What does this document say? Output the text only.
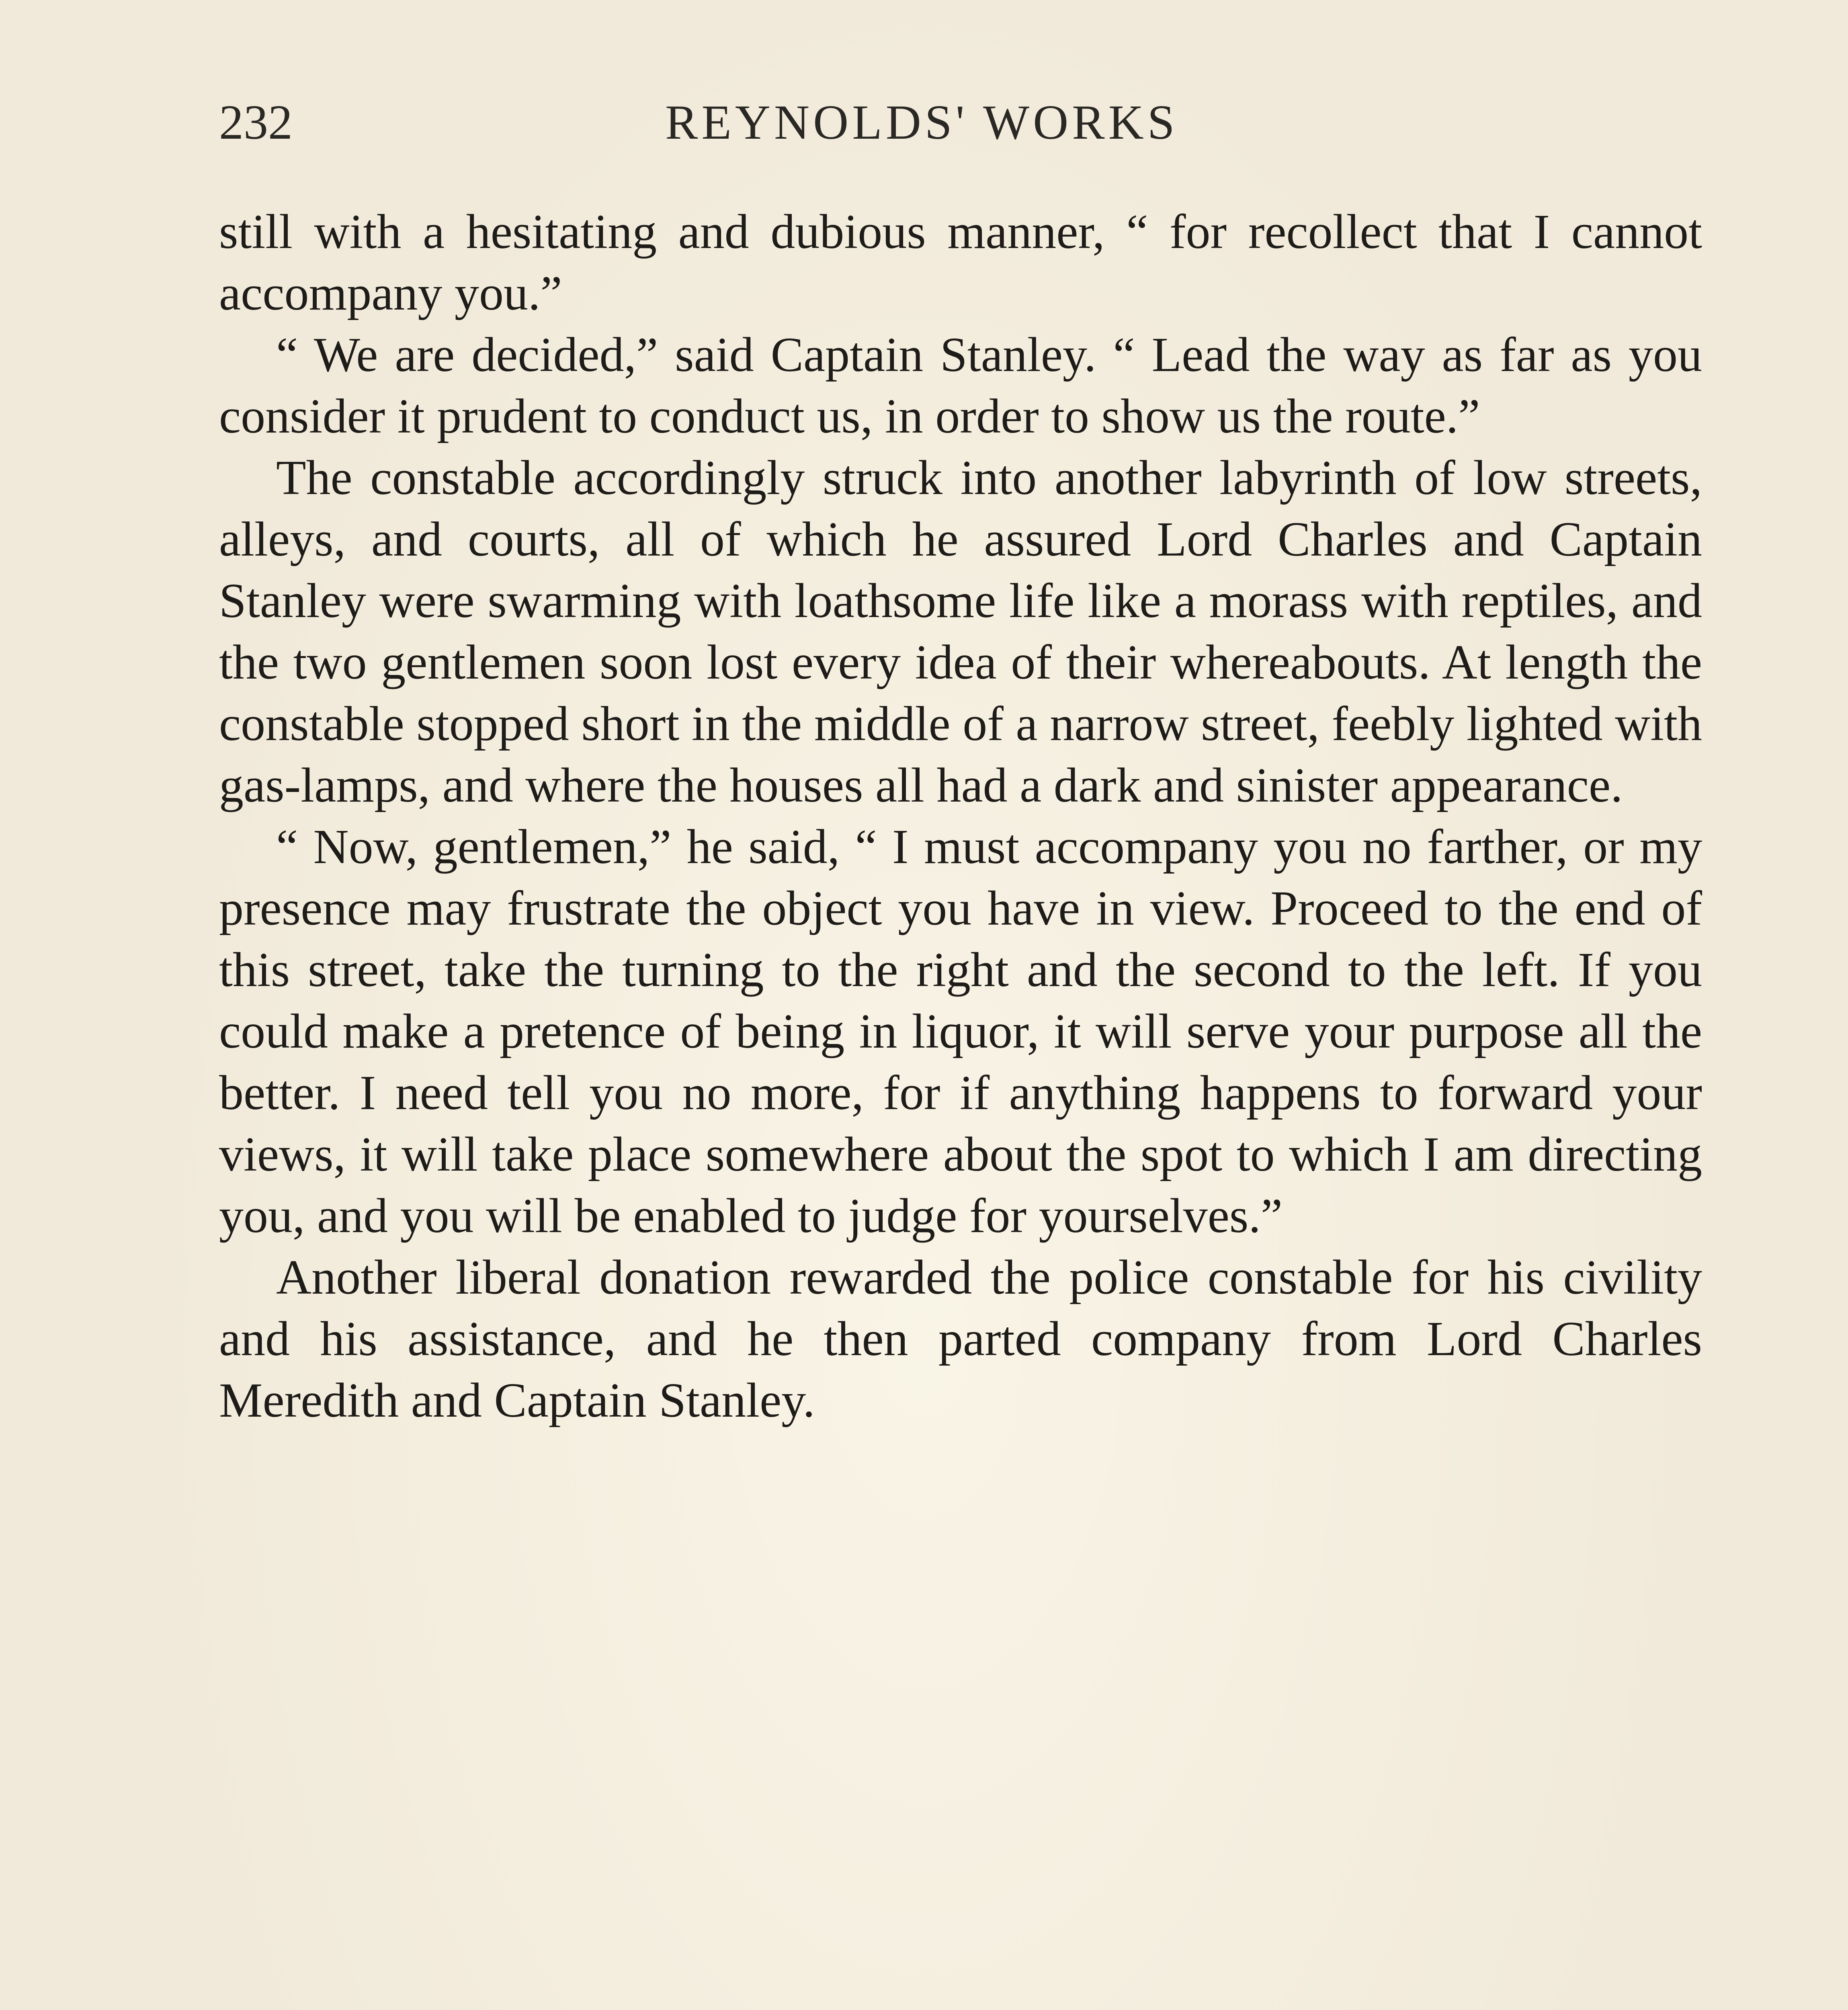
232	REYNOLDS' WORKS

still with a hesitating and dubious manner, “ for recollect that I cannot accompany you.”

“ We are decided,” said Captain Stanley. “ Lead the way as far as you consider it prudent to conduct us, in order to show us the route.”

The constable accordingly struck into another labyrinth of low streets, alleys, and courts, all of which he assured Lord Charles and Captain Stanley were swarming with loathsome life like a morass with reptiles, and the two gentlemen soon lost every idea of their whereabouts. At length the constable stopped short in the middle of a narrow street, feebly lighted with gas-lamps, and where the houses all had a dark and sinister appearance.

“ Now, gentlemen,” he said, “ I must accompany you no farther, or my presence may frustrate the object you have in view. Proceed to the end of this street, take the turning to the right and the second to the left. If you could make a pretence of being in liquor, it will serve your purpose all the better. I need tell you no more, for if anything happens to forward your views, it will take place somewhere about the spot to which I am directing you, and you will be enabled to judge for yourselves.”

Another liberal donation rewarded the police constable for his civility and his assistance, and he then parted company from Lord Charles Meredith and Captain Stanley.
